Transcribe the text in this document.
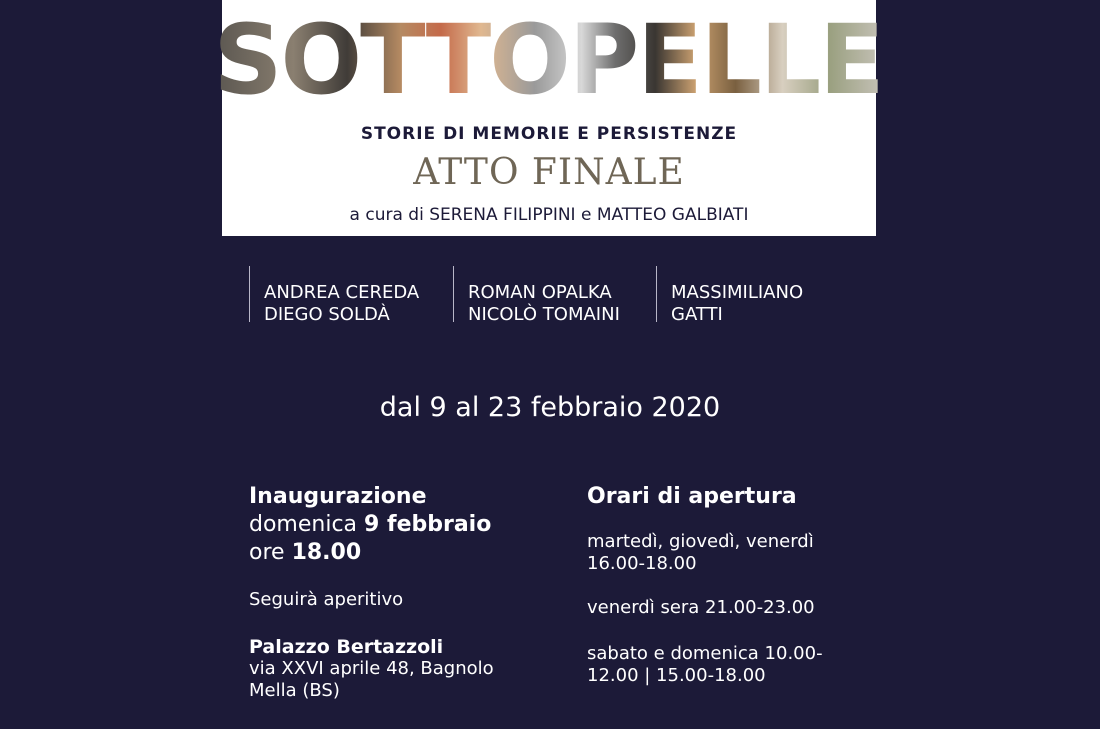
SOTTOPELLE
STORIE DI MEMORIE E PERSISTENZE
ATTO FINALE
a cura di SERENA FILIPPINI e MATTEO GALBIATI
ANDREA CEREDA
DIEGO SOLDÀ
ROMAN OPALKA
NICOLÒ TOMAINI
MASSIMILIANO
GATTI
dal 9 al 23 febbraio 2020
Inaugurazione
domenica 9 febbraio
ore 18.00
Seguirà aperitivo
Palazzo Bertazzoli
via XXVI aprile 48, Bagnolo Mella (BS)
Orari di apertura
martedì, giovedì, venerdì 16.00-18.00
venerdì sera 21.00-23.00
sabato e domenica 10.00-12.00 | 15.00-18.00
